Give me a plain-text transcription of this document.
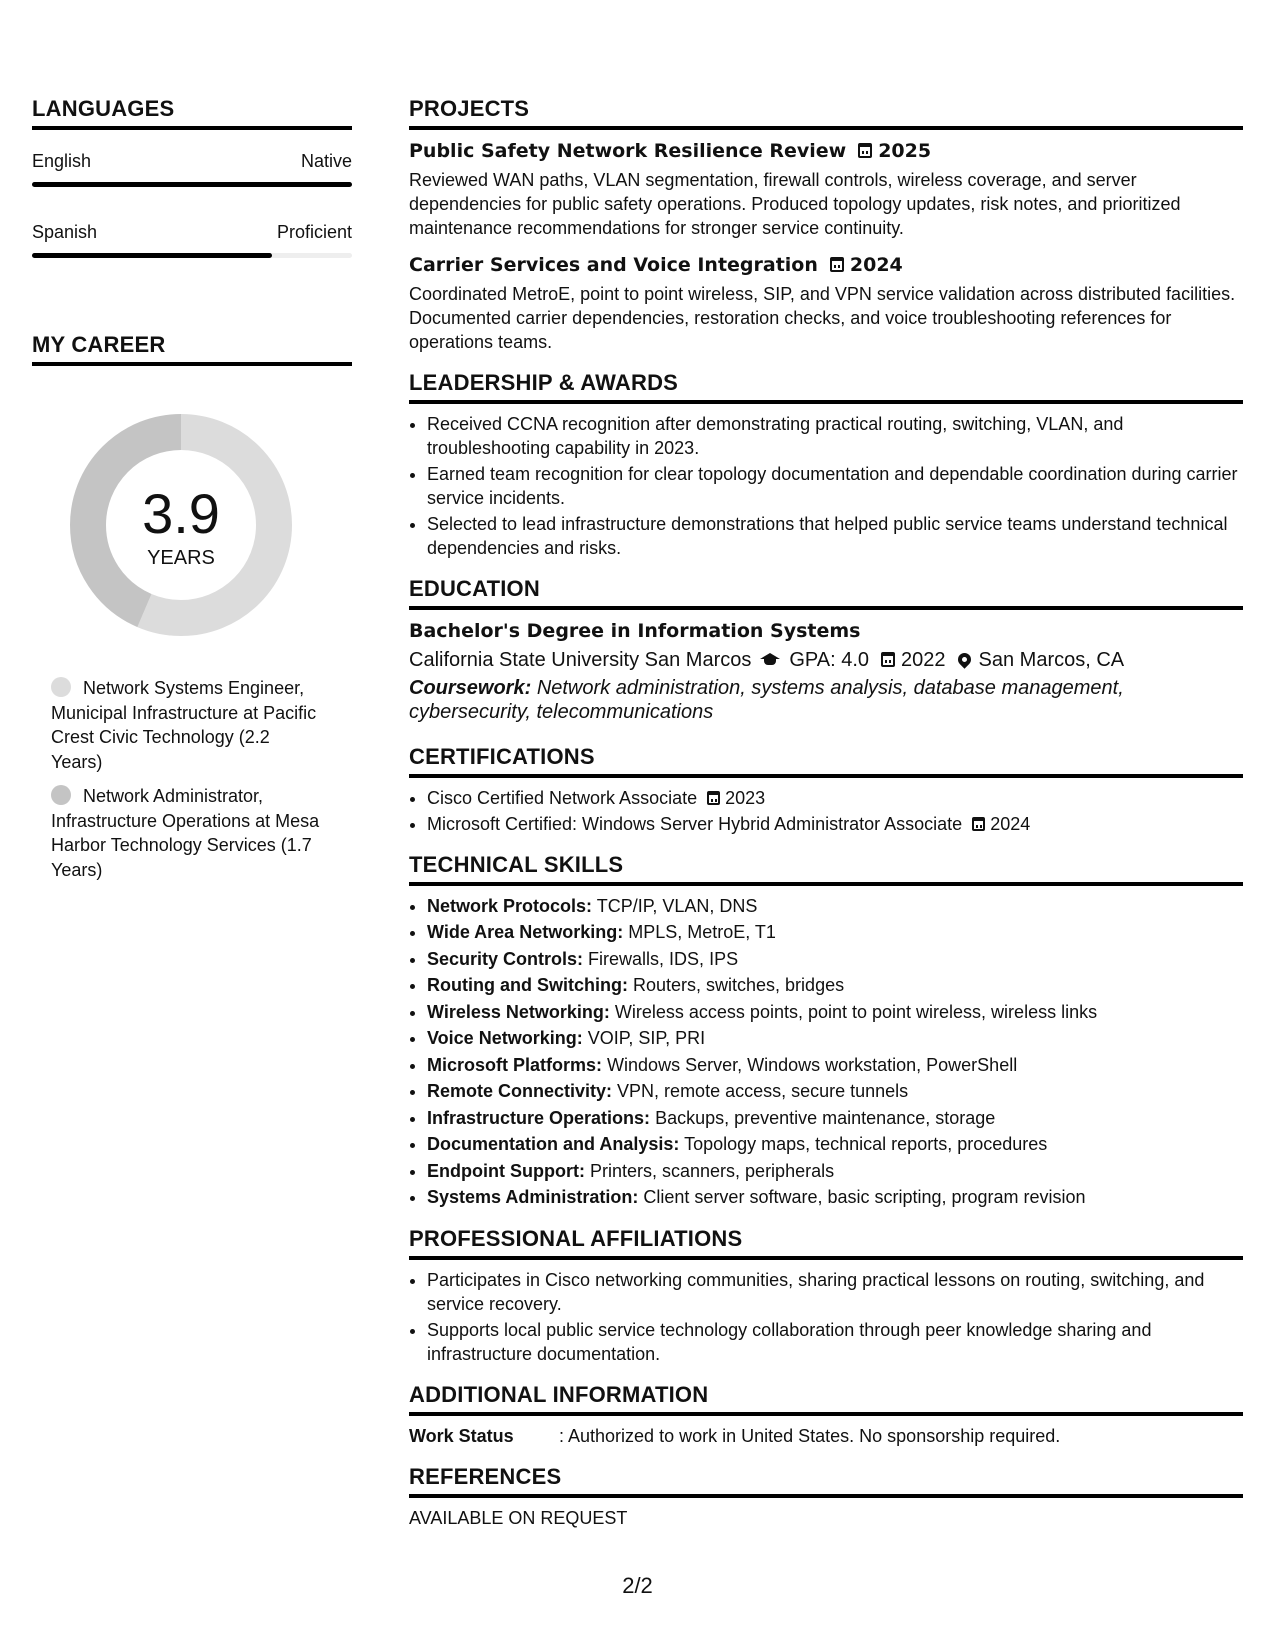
LANGUAGES
English	Native
Spanish	Proficient
MY CAREER
3.9
YEARS
Network Systems Engineer, Municipal Infrastructure at Pacific Crest Civic Technology (2.2 Years)
Network Administrator, Infrastructure Operations at Mesa Harbor Technology Services (1.7 Years)
PROJECTS
Public Safety Network Resilience Review 2025
Reviewed WAN paths, VLAN segmentation, firewall controls, wireless coverage, and server dependencies for public safety operations. Produced topology updates, risk notes, and prioritized maintenance recommendations for stronger service continuity.
Carrier Services and Voice Integration 2024
Coordinated MetroE, point to point wireless, SIP, and VPN service validation across distributed facilities. Documented carrier dependencies, restoration checks, and voice troubleshooting references for operations teams.
LEADERSHIP & AWARDS
• Received CCNA recognition after demonstrating practical routing, switching, VLAN, and troubleshooting capability in 2023.
• Earned team recognition for clear topology documentation and dependable coordination during carrier service incidents.
• Selected to lead infrastructure demonstrations that helped public service teams understand technical dependencies and risks.
EDUCATION
Bachelor's Degree in Information Systems
California State University San Marcos GPA: 4.0 2022 San Marcos, CA
Coursework: Network administration, systems analysis, database management, cybersecurity, telecommunications
CERTIFICATIONS
• Cisco Certified Network Associate 2023
• Microsoft Certified: Windows Server Hybrid Administrator Associate 2024
TECHNICAL SKILLS
• Network Protocols: TCP/IP, VLAN, DNS
• Wide Area Networking: MPLS, MetroE, T1
• Security Controls: Firewalls, IDS, IPS
• Routing and Switching: Routers, switches, bridges
• Wireless Networking: Wireless access points, point to point wireless, wireless links
• Voice Networking: VOIP, SIP, PRI
• Microsoft Platforms: Windows Server, Windows workstation, PowerShell
• Remote Connectivity: VPN, remote access, secure tunnels
• Infrastructure Operations: Backups, preventive maintenance, storage
• Documentation and Analysis: Topology maps, technical reports, procedures
• Endpoint Support: Printers, scanners, peripherals
• Systems Administration: Client server software, basic scripting, program revision
PROFESSIONAL AFFILIATIONS
• Participates in Cisco networking communities, sharing practical lessons on routing, switching, and service recovery.
• Supports local public service technology collaboration through peer knowledge sharing and infrastructure documentation.
ADDITIONAL INFORMATION
Work Status	: Authorized to work in United States. No sponsorship required.
REFERENCES
AVAILABLE ON REQUEST
2/2
